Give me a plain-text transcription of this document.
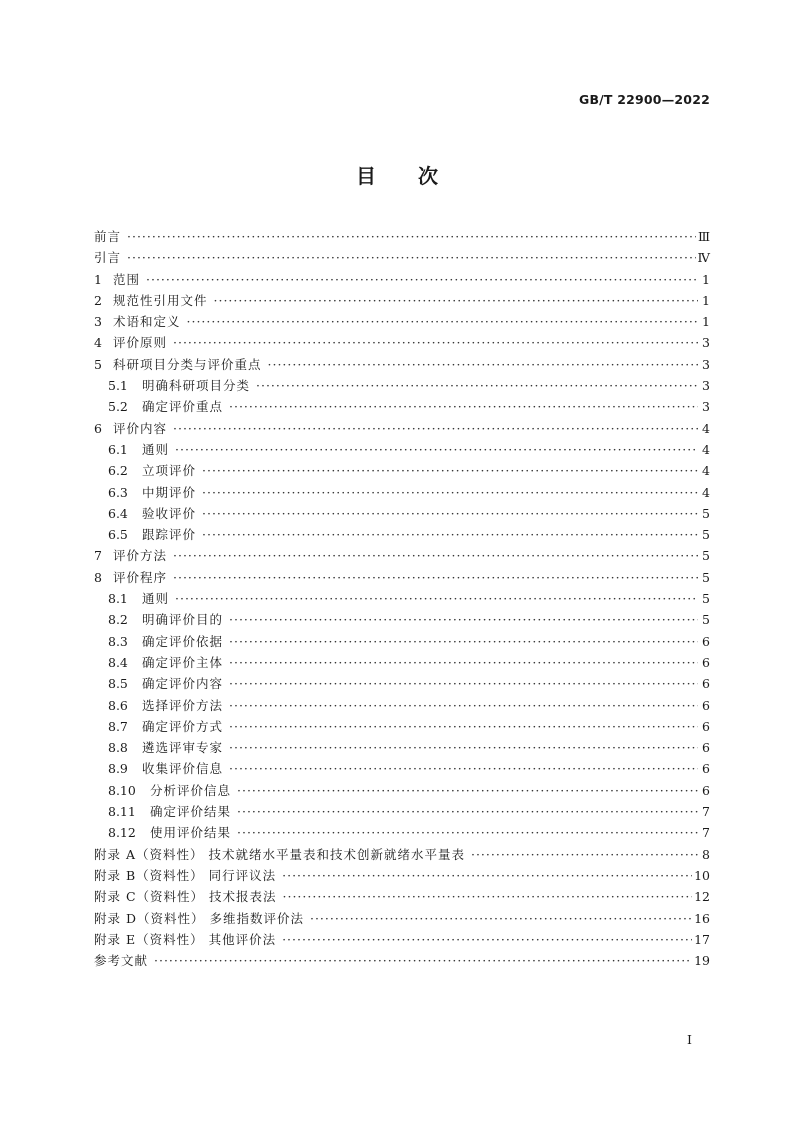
GB/T 22900—2022
目 次
前言 ·····	Ⅲ
引言 ·····	Ⅳ
1 范围 ·····	1
2 规范性引用文件 ·····	1
3 术语和定义 ·····	1
4 评价原则 ·····	3
5 科研项目分类与评价重点 ·····	3
5.1	明确科研项目分类 ·····	3
5.2	确定评价重点 ·····	3
6 评价内容 ·····	4
6.1	通则 ·····	4
6.2	立项评价 ·····	4
6.3	中期评价 ·····	4
6.4	验收评价 ·····	5
6.5	跟踪评价 ·····	5
7 评价方法 ·····	5
8 评价程序 ·····	5
8.1	通则 ·····	5
8.2	明确评价目的 ·····	5
8.3	确定评价依据 ·····	6
8.4	确定评价主体 ·····	6
8.5	确定评价内容 ·····	6
8.6	选择评价方法 ·····	6
8.7	确定评价方式 ·····	6
8.8	遴选评审专家 ·····	6
8.9	收集评价信息 ·····	6
8.10	分析评价信息 ·····	6
8.11	确定评价结果 ·····	7
8.12	使用评价结果 ·····	7
附录 A（资料性） 技术就绪水平量表和技术创新就绪水平量表 ·····	8
附录 B（资料性） 同行评议法 ·····	10
附录 C（资料性） 技术报表法 ·····	12
附录 D（资料性） 多维指数评价法 ·····	16
附录 E（资料性） 其他评价法 ·····	17
参考文献 ·····	19
I
